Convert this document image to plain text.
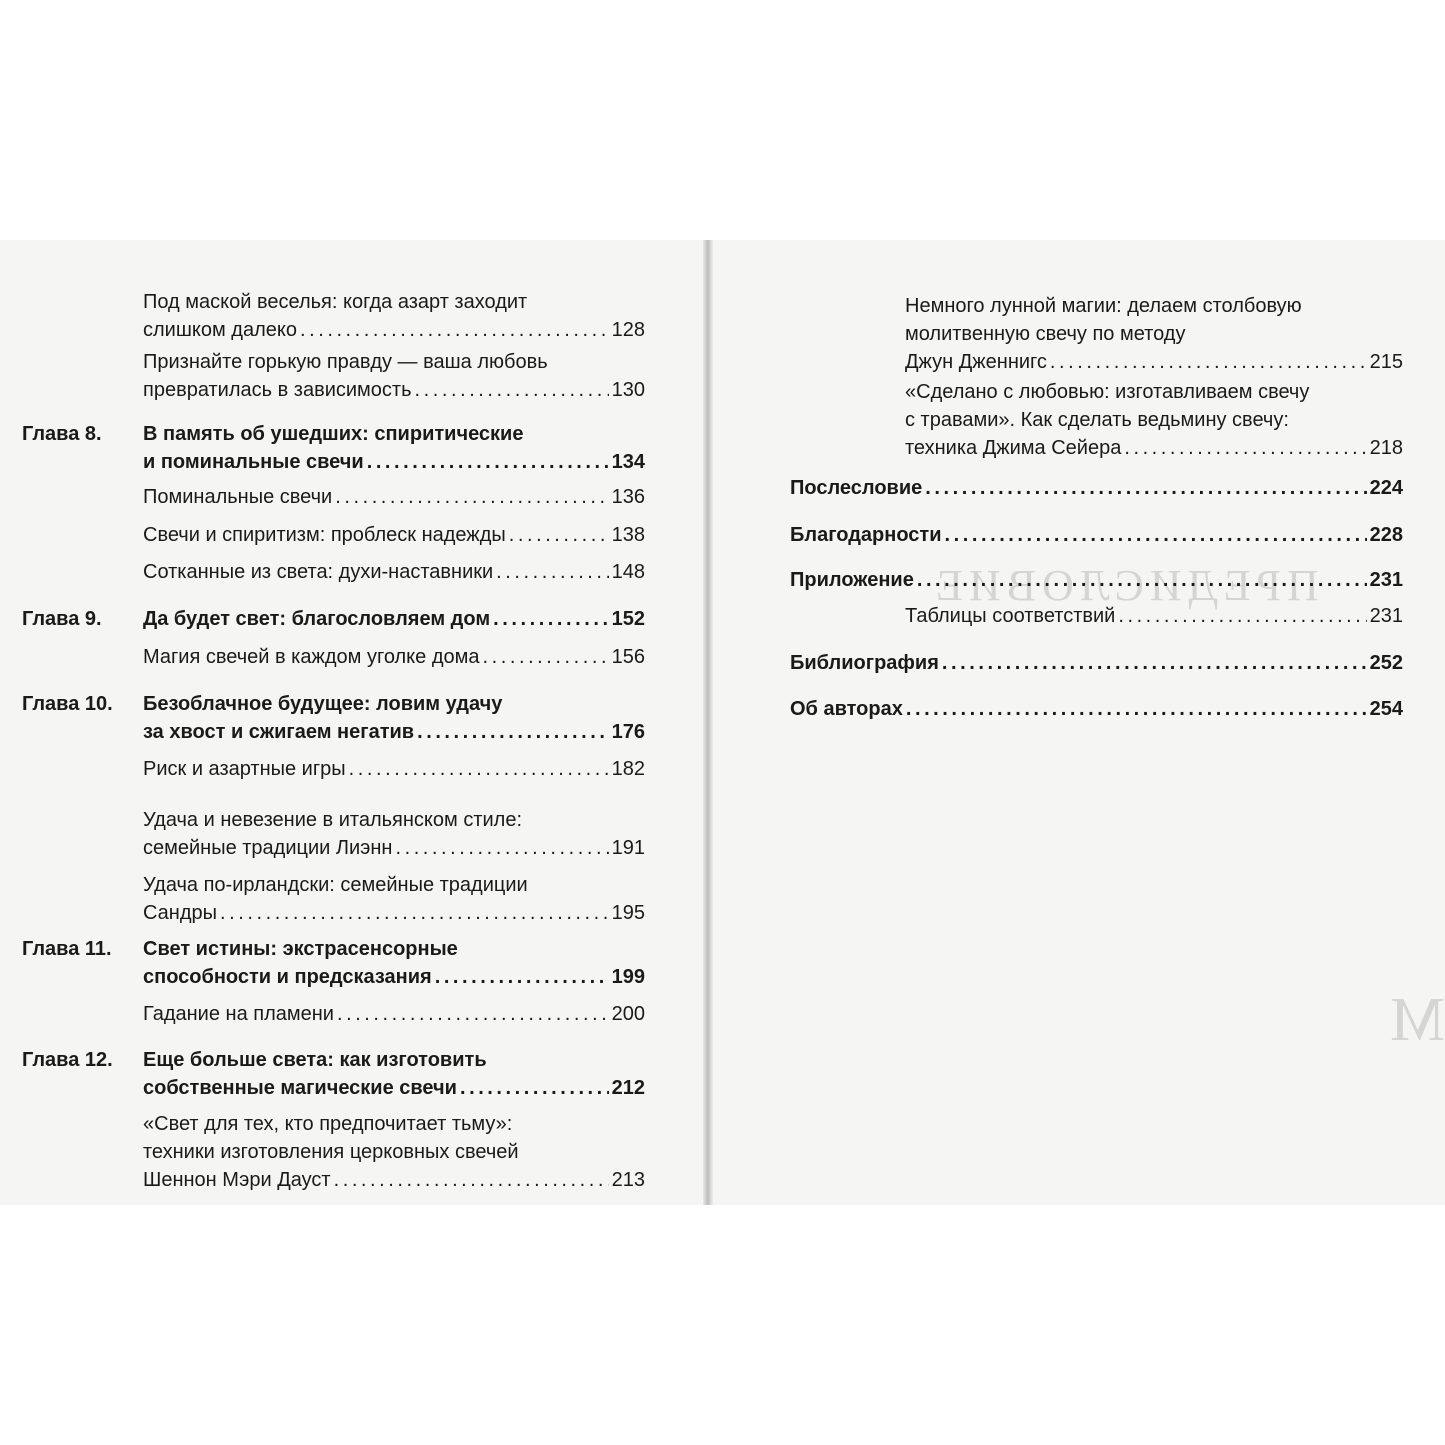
ПРЕДИСЛОВИЕ
M
Под маской веселья: когда азарт заходит
слишком далеко . . .	128
Признайте горькую правду — ваша любовь
превратилась в зависимость . . .	130
Глава 8. В память об ушедших: спиритические
и поминальные свечи . . .	134
Поминальные свечи . . .	136
Свечи и спиритизм: проблеск надежды . . .	138
Сотканные из света: духи-наставники . . .	148
Глава 9. Да будет свет: благословляем дом . . .	152
Магия свечей в каждом уголке дома . . .	156
Глава 10. Безоблачное будущее: ловим удачу
за хвост и сжигаем негатив . . .	176
Риск и азартные игры . . .	182
Удача и невезение в итальянском стиле:
семейные традиции Лиэнн . . .	191
Удача по-ирландски: семейные традиции
Сандры . . .	195
Глава 11. Свет истины: экстрасенсорные
способности и предсказания . . .	199
Гадание на пламени . . .	200
Глава 12. Еще больше света: как изготовить
собственные магические свечи . . .	212
«Свет для тех, кто предпочитает тьму»:
техники изготовления церковных свечей
Шеннон Мэри Дауст . . .	213
Немного лунной магии: делаем столбовую
молитвенную свечу по методу
Джун Дженнигс . . .	215
«Сделано с любовью: изготавливаем свечу
с травами». Как сделать ведьмину свечу:
техника Джима Сейера . . .	218
Послесловие . . .	224
Благодарности . . .	228
Приложение . . .	231
Таблицы соответствий . . .	231
Библиография . . .	252
Об авторах . . .	254
